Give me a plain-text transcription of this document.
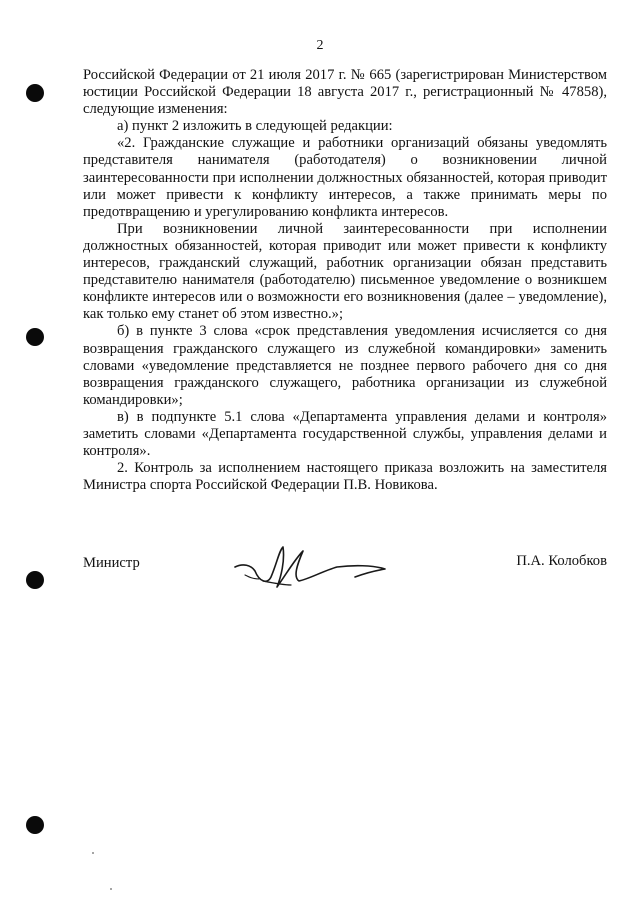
2

Российской Федерации от 21 июля 2017 г. № 665 (зарегистрирован Министерством юстиции Российской Федерации 18 августа 2017 г., регистрационный № 47858), следующие изменения:

а) пункт 2 изложить в следующей редакции:

«2. Гражданские служащие и работники организаций обязаны уведомлять представителя нанимателя (работодателя) о возникновении личной заинтересованности при исполнении должностных обязанностей, которая приводит или может привести к конфликту интересов, а также принимать меры по предотвращению и урегулированию конфликта интересов.

При возникновении личной заинтересованности при исполнении должностных обязанностей, которая приводит или может привести к конфликту интересов, гражданский служащий, работник организации обязан представить представителю нанимателя (работодателю) письменное уведомление о возникшем конфликте интересов или о возможности его возникновения (далее – уведомление), как только ему станет об этом известно.»;

б) в пункте 3 слова «срок представления уведомления исчисляется со дня возвращения гражданского служащего из служебной командировки» заменить словами «уведомление представляется не позднее первого рабочего дня со дня возвращения гражданского служащего, работника организации из служебной командировки»;

в) в подпункте 5.1 слова «Департамента управления делами и контроля» заметить словами «Департамента государственной службы, управления делами и контроля».

2. Контроль за исполнением настоящего приказа возложить на заместителя Министра спорта Российской Федерации П.В. Новикова.

Министр	П.А. Колобков
